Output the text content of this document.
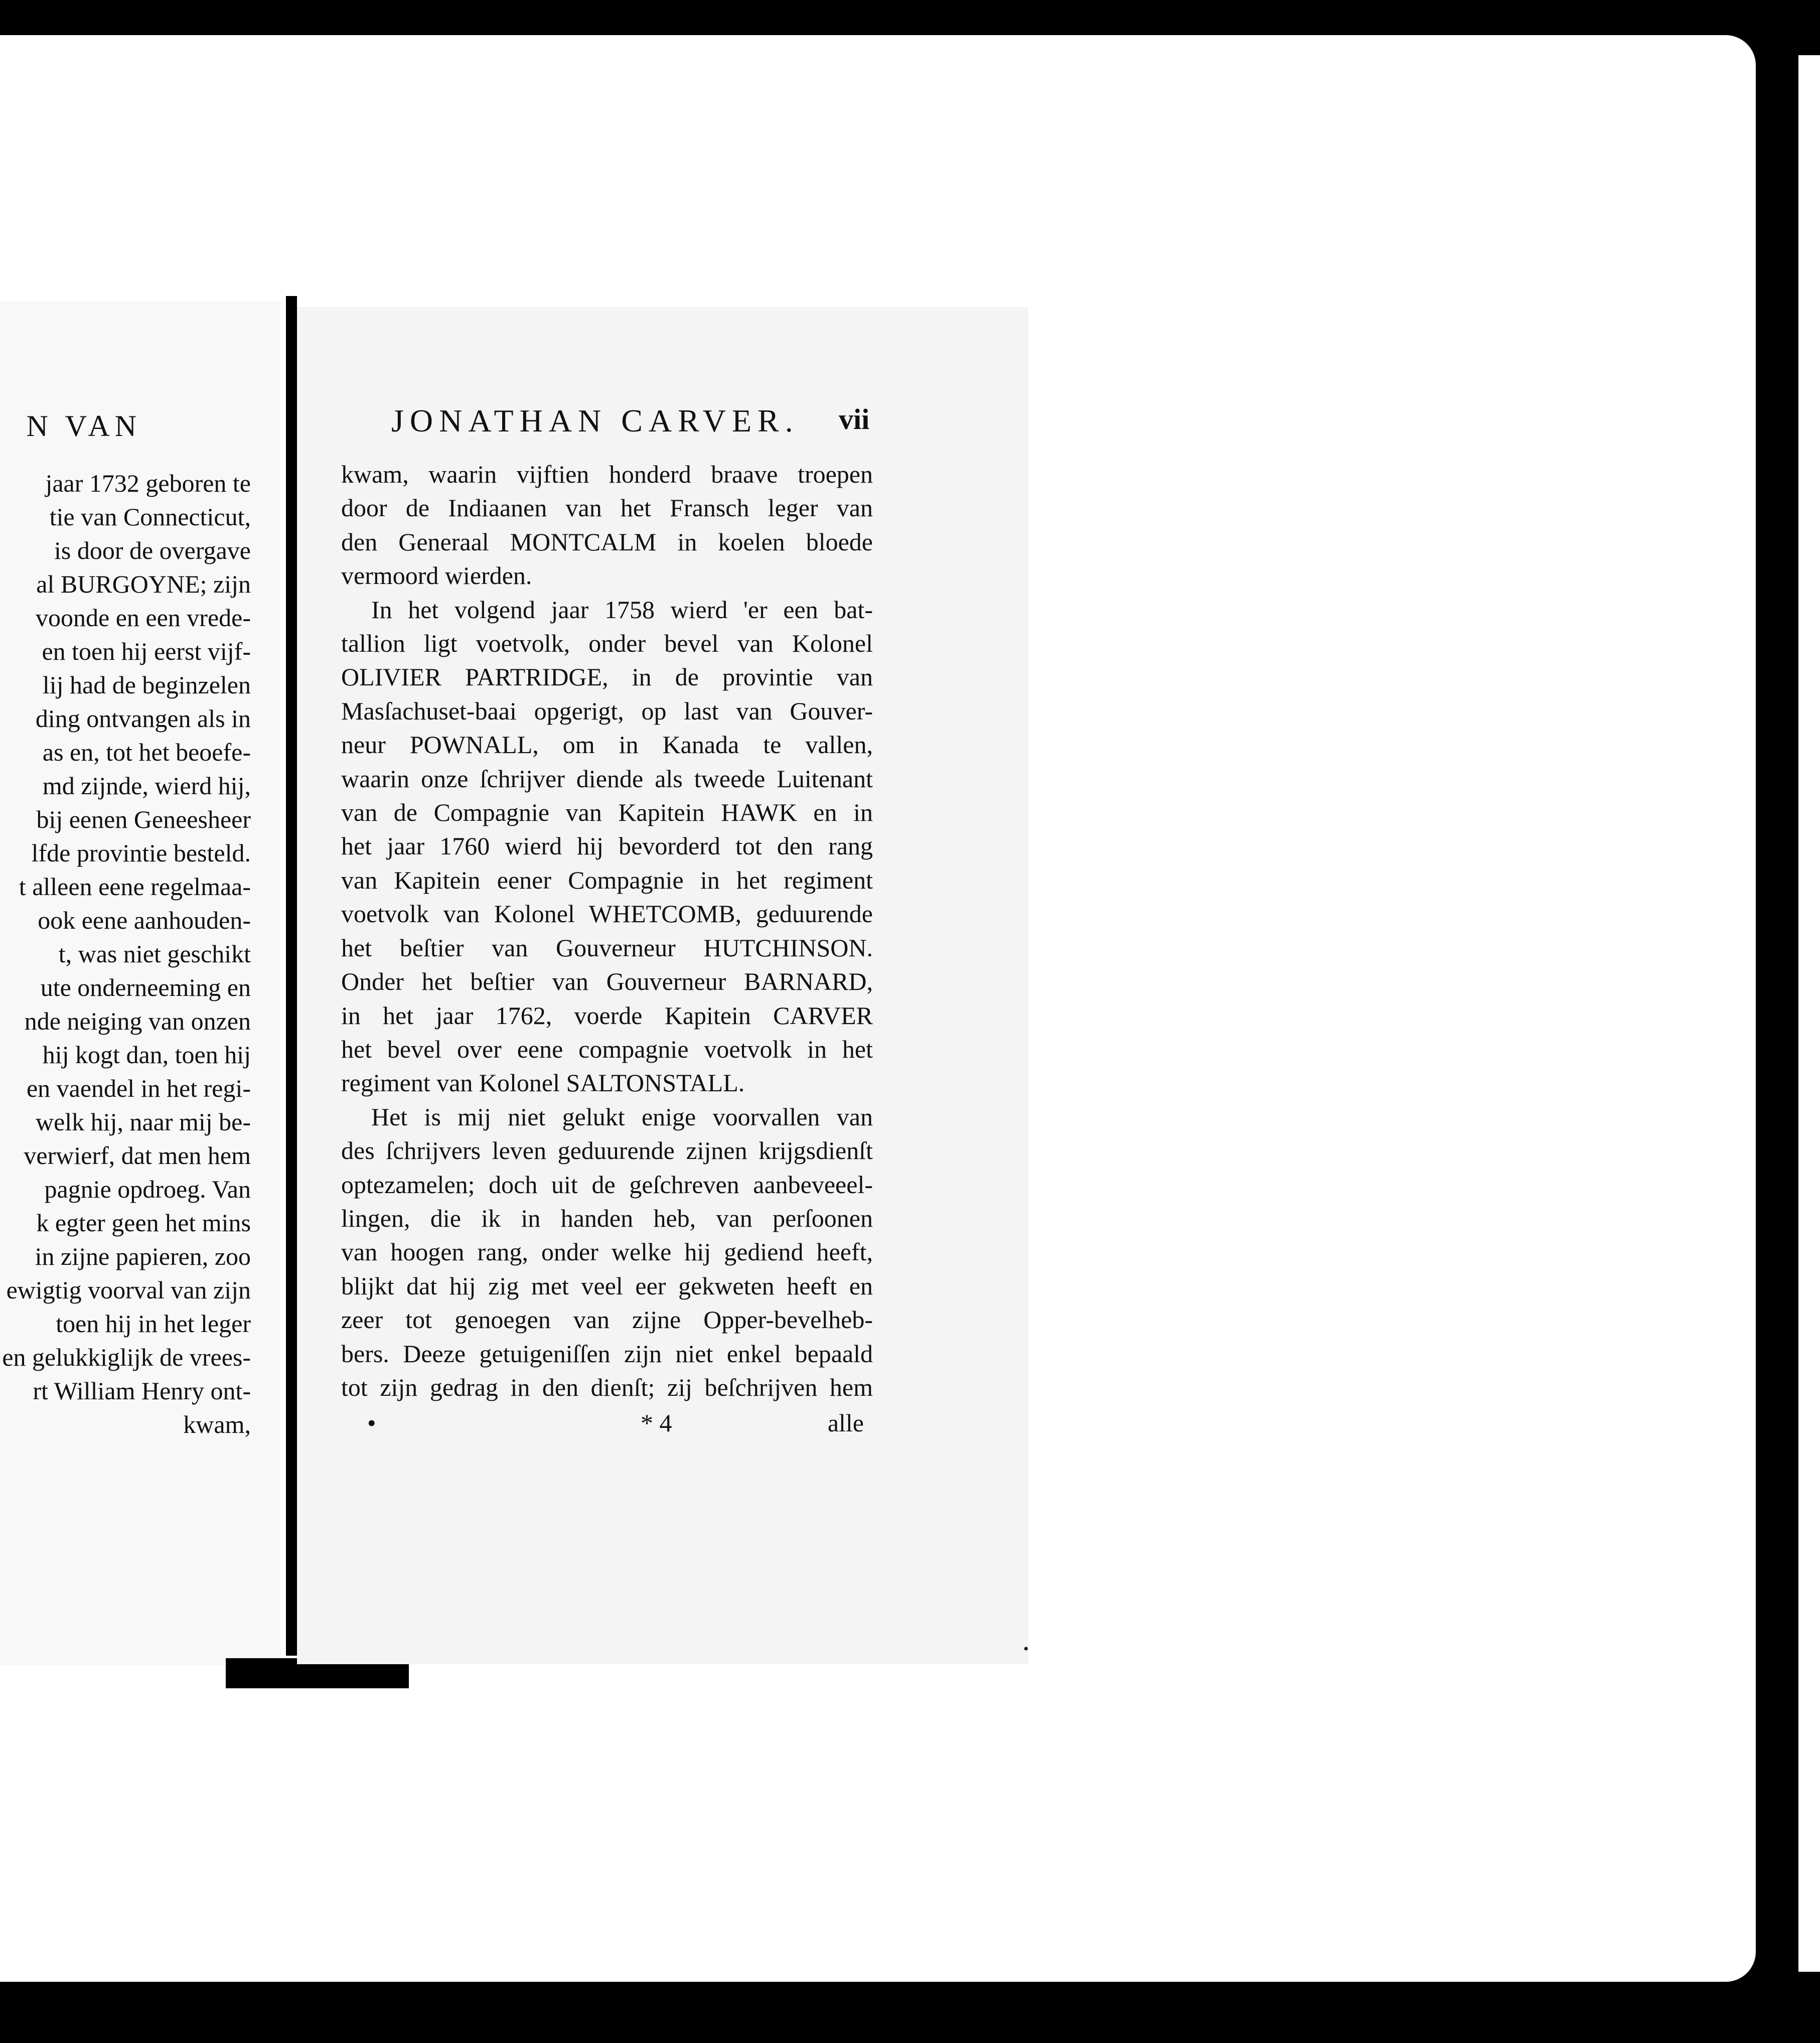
N VAN
jaar 1732 geboren te
tie van Connecticut,
is door de overgave
al BURGOYNE; zijn
voonde en een vrede-
en toen hij eerst vijf-
lij had de beginzelen
ding ontvangen als in
as en, tot het beoefe-
md zijnde, wierd hij,
bij eenen Geneesheer
lfde provintie besteld.
t alleen eene regelmaa-
ook eene aanhouden-
t, was niet geschikt
ute onderneeming en
nde neiging van onzen
hij kogt dan, toen hij
en vaendel in het regi-
welk hij, naar mij be-
verwierf, dat men hem
pagnie opdroeg. Van
k egter geen het mins
in zijne papieren, zoo
ewigtig voorval van zijn
toen hij in het leger
en gelukkiglijk de vrees-
rt William Henry ont-
kwam,
JONATHAN CARVER. vii
kwam, waarin vijftien honderd braave troepen
door de Indiaanen van het Fransch leger van
den Generaal MONTCALM in koelen bloede
vermoord wierden.
In het volgend jaar 1758 wierd 'er een bat-
tallion ligt voetvolk, onder bevel van Kolonel
OLIVIER PARTRIDGE, in de provintie van
Masſachuset-baai opgerigt, op last van Gouver-
neur POWNALL, om in Kanada te vallen,
waarin onze ſchrijver diende als tweede Luitenant
van de Compagnie van Kapitein HAWK en in
het jaar 1760 wierd hij bevorderd tot den rang
van Kapitein eener Compagnie in het regiment
voetvolk van Kolonel WHETCOMB, geduurende
het beſtier van Gouverneur HUTCHINSON.
Onder het beſtier van Gouverneur BARNARD,
in het jaar 1762, voerde Kapitein CARVER
het bevel over eene compagnie voetvolk in het
regiment van Kolonel SALTONSTALL.
Het is mij niet gelukt enige voorvallen van
des ſchrijvers leven geduurende zijnen krijgsdienſt
optezamelen; doch uit de geſchreven aanbeveeel-
lingen, die ik in handen heb, van perſoonen
van hoogen rang, onder welke hij gediend heeft,
blijkt dat hij zig met veel eer gekweten heeft en
zeer tot genoegen van zijne Opper-bevelheb-
bers. Deeze getuigeniſſen zijn niet enkel bepaald
tot zijn gedrag in den dienſt; zij beſchrijven hem
•	* 4	alle
•
